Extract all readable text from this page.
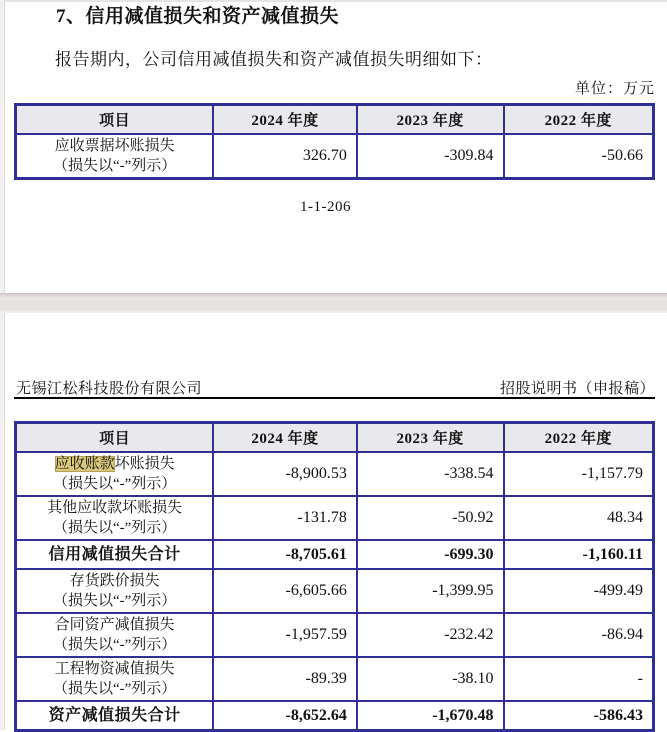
7、信用减值损失和资产减值损失
报告期内，公司信用减值损失和资产减值损失明细如下：
单位：万元
项目	2024 年度	2023 年度	2022 年度

应收票据坏账损失
（损失以“-”列示）	326.70	-309.84	-50.66
1-1-206
无锡江松科技股份有限公司	招股说明书（申报稿）
项目	2024 年度	2023 年度	2022 年度

应收账款坏账损失
（损失以“-”列示）	-8,900.53	-338.54	-1,157.79

其他应收款坏账损失
（损失以“-”列示）	-131.78	-50.92	48.34
信用减值损失合计	-8,705.61	-699.30	-1,160.11

存货跌价损失
（损失以“-”列示）	-6,605.66	-1,399.95	-499.49

合同资产减值损失
（损失以“-”列示）	-1,957.59	-232.42	-86.94

工程物资减值损失
（损失以“-”列示）	-89.39	-38.10	-
资产减值损失合计	-8,652.64	-1,670.48	-586.43
